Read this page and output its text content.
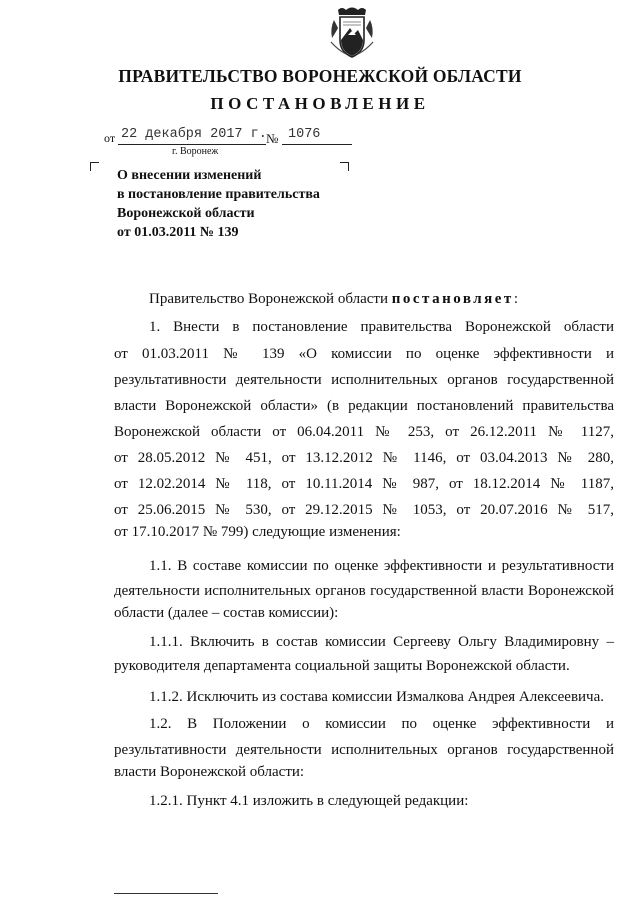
ПРАВИТЕЛЬСТВО ВОРОНЕЖСКОЙ ОБЛАСТИ
ПОСТАНОВЛЕНИЕ
от 22 декабря 2017 г. № 1076
г. Воронеж
О внесении изменений
в постановление правительства
Воронежской области
от 01.03.2011 № 139
Правительство Воронежской области постановляет:
1. Внести в постановление правительства Воронежской области
от 01.03.2011 № 139 «О комиссии по оценке эффективности и
результативности деятельности исполнительных органов государственной
власти Воронежской области» (в редакции постановлений правительства
Воронежской области от 06.04.2011 № 253, от 26.12.2011 № 1127,
от 28.05.2012 № 451, от 13.12.2012 № 1146, от 03.04.2013 № 280,
от 12.02.2014 № 118, от 10.11.2014 № 987, от 18.12.2014 № 1187,
от 25.06.2015 № 530, от 29.12.2015 № 1053, от 20.07.2016 № 517,
от 17.10.2017 № 799) следующие изменения:
1.1. В составе комиссии по оценке эффективности и результативности
деятельности исполнительных органов государственной власти Воронежской
области (далее – состав комиссии):
1.1.1. Включить в состав комиссии Сергееву Ольгу Владимировну –
руководителя департамента социальной защиты Воронежской области.
1.1.2. Исключить из состава комиссии Измалкова Андрея Алексеевича.
1.2. В Положении о комиссии по оценке эффективности и
результативности деятельности исполнительных органов государственной
власти Воронежской области:
1.2.1. Пункт 4.1 изложить в следующей редакции:
